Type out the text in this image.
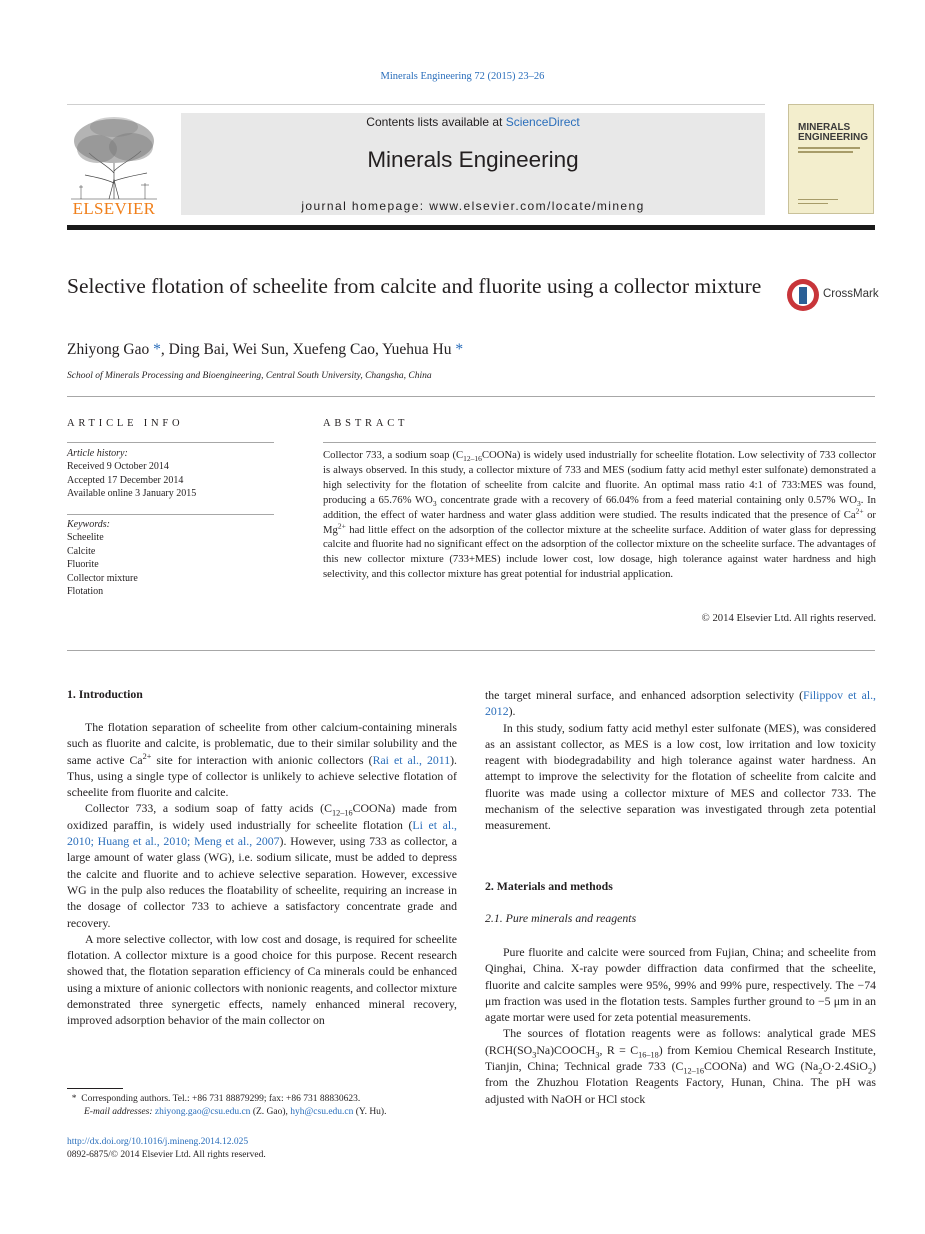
Minerals Engineering 72 (2015) 23–26
ELSEVIER
Contents lists available at ScienceDirect
Minerals Engineering
journal homepage: www.elsevier.com/locate/mineng
MINERALS
ENGINEERING
Selective flotation of scheelite from calcite and fluorite using a collector mixture	CrossMark
Zhiyong Gao *, Ding Bai, Wei Sun, Xuefeng Cao, Yuehua Hu *
School of Minerals Processing and Bioengineering, Central South University, Changsha, China
ARTICLE INFO
Article history:
Received 9 October 2014
Accepted 17 December 2014
Available online 3 January 2015
Keywords:
Scheelite
Calcite
Fluorite
Collector mixture
Flotation
ABSTRACT
Collector 733, a sodium soap $(C_{12-16}COONa)$ is widely used industrially for scheelite flotation. Low selectivity of 733 collector is always observed. In this study, a collector mixture of 733 and MES (sodium fatty acid methyl ester sulfonate) demonstrated a high selectivity for the flotation of scheelite from calcite and fluorite. An optimal mass ratio 4:1 of 733:MES was found, producing a 65.76% $WO_3$ concentrate grade with a recovery of 66.04% from a feed material containing only 0.57% $WO_3$. In addition, the effect of water hardness and water glass addition were studied. The results indicated that the presence of $Ca^{2+}$ or $Mg^{2+}$ had little effect on the adsorption of the collector mixture at the scheelite surface. Addition of water glass for depressing calcite and fluorite had no significant effect on the adsorption of the collector mixture on the scheelite surface. The advantages of this new collector mixture (733+MES) include lower cost, low dosage, high tolerance against water hardness and high selectivity, and this collector mixture has great potential for industrial application.
© 2014 Elsevier Ltd. All rights reserved.
1. Introduction

The flotation separation of scheelite from other calcium-containing minerals such as fluorite and calcite, is problematic, due to their similar solubility and the same active $Ca^{2+}$ site for interaction with anionic collectors (Rai et al., 2011). Thus, using a single type of collector is unlikely to achieve selective flotation of scheelite from fluorite and calcite.

Collector 733, a sodium soap of fatty acids $(C_{12-16}COONa)$ made from oxidized paraffin, is widely used industrially for scheelite flotation (Li et al., 2010; Huang et al., 2010; Meng et al., 2007). However, using 733 as collector, a large amount of water glass (WG), i.e. sodium silicate, must be added to depress the calcite and fluorite and to achieve selective separation. However, excessive WG in the pulp also reduces the floatability of scheelite, requiring an increase in the dosage of collector 733 to achieve a satisfactory concentrate grade and recovery.

A more selective collector, with low cost and dosage, is required for scheelite flotation. A collector mixture is a good choice for this purpose. Recent research showed that, the flotation separation efficiency of Ca minerals could be enhanced using a mixture of anionic collectors with nonionic reagents, and collector mixture demonstrated three synergetic effects, namely enhanced mineral recovery, improved adsorption behavior of the main collector on

* Corresponding authors. Tel.: +86 731 88879299; fax: +86 731 88830623.
E-mail addresses: zhiyong.gao@csu.edu.cn (Z. Gao), hyh@csu.edu.cn (Y. Hu).
http://dx.doi.org/10.1016/j.mineng.2014.12.025
0892-6875/© 2014 Elsevier Ltd. All rights reserved.

the target mineral surface, and enhanced adsorption selectivity (Filippov et al., 2012).

In this study, sodium fatty acid methyl ester sulfonate (MES), was considered as an assistant collector, as MES is a low cost, low irritation and low toxicity reagent with biodegradability and high tolerance against water hardness. An attempt to improve the selectivity for the flotation of scheelite from calcite and fluorite was made using a collector mixture of MES and collector 733. The mechanism of the selective separation was investigated through zeta potential measurement.

2. Materials and methods
2.1. Pure minerals and reagents

Pure fluorite and calcite were sourced from Fujian, China; and scheelite from Qinghai, China. X-ray powder diffraction data confirmed that the scheelite, fluorite and calcite samples were 95%, 99% and 99% pure, respectively. The −74 μm fraction was used in the flotation tests. Samples further ground to −5 μm in an agate mortar were used for zeta potential measurements.

The sources of flotation reagents were as follows: analytical grade MES ($RCH(SO_3Na)COOCH_3$, $R = C_{16-18}$) from Kemiou Chemical Research Institute, Tianjin, China; Technical grade 733 $(C_{12-16}COONa)$ and WG $(Na_2O\cdot 2.4SiO_2)$ from the Zhuzhou Flotation Reagents Factory, Hunan, China. The pH was adjusted with NaOH or HCl stock
